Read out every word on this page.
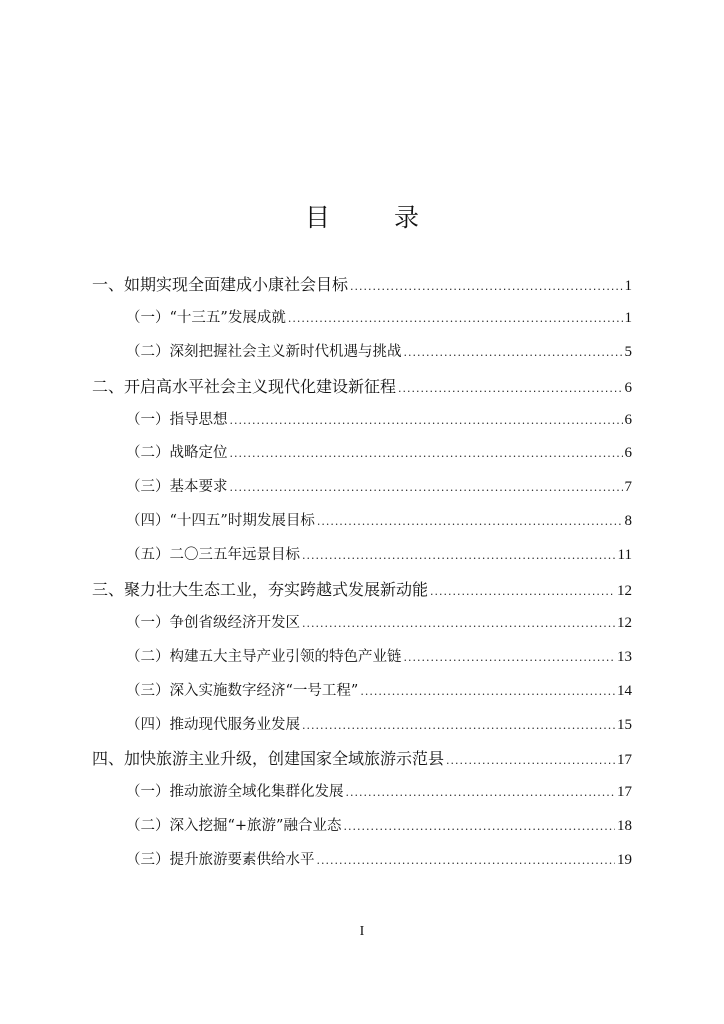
目 录
一、如期实现全面建成小康社会目标 .....	1
（一）“十三五”发展成就 .....	1
（二）深刻把握社会主义新时代机遇与挑战 .....	5
二、开启高水平社会主义现代化建设新征程 .....	6
（一）指导思想 .....	6
（二）战略定位 .....	6
（三）基本要求 .....	7
（四）“十四五”时期发展目标 .....	8
（五）二〇三五年远景目标 .....	11
三、聚力壮大生态工业，夯实跨越式发展新动能 .....	12
（一）争创省级经济开发区 .....	12
（二）构建五大主导产业引领的特色产业链 .....	13
（三）深入实施数字经济“一号工程” .....	14
（四）推动现代服务业发展 .....	15
四、加快旅游主业升级，创建国家全域旅游示范县 .....	17
（一）推动旅游全域化集群化发展 .....	17
（二）深入挖掘“+旅游”融合业态 .....	18
（三）提升旅游要素供给水平 .....	19
I
